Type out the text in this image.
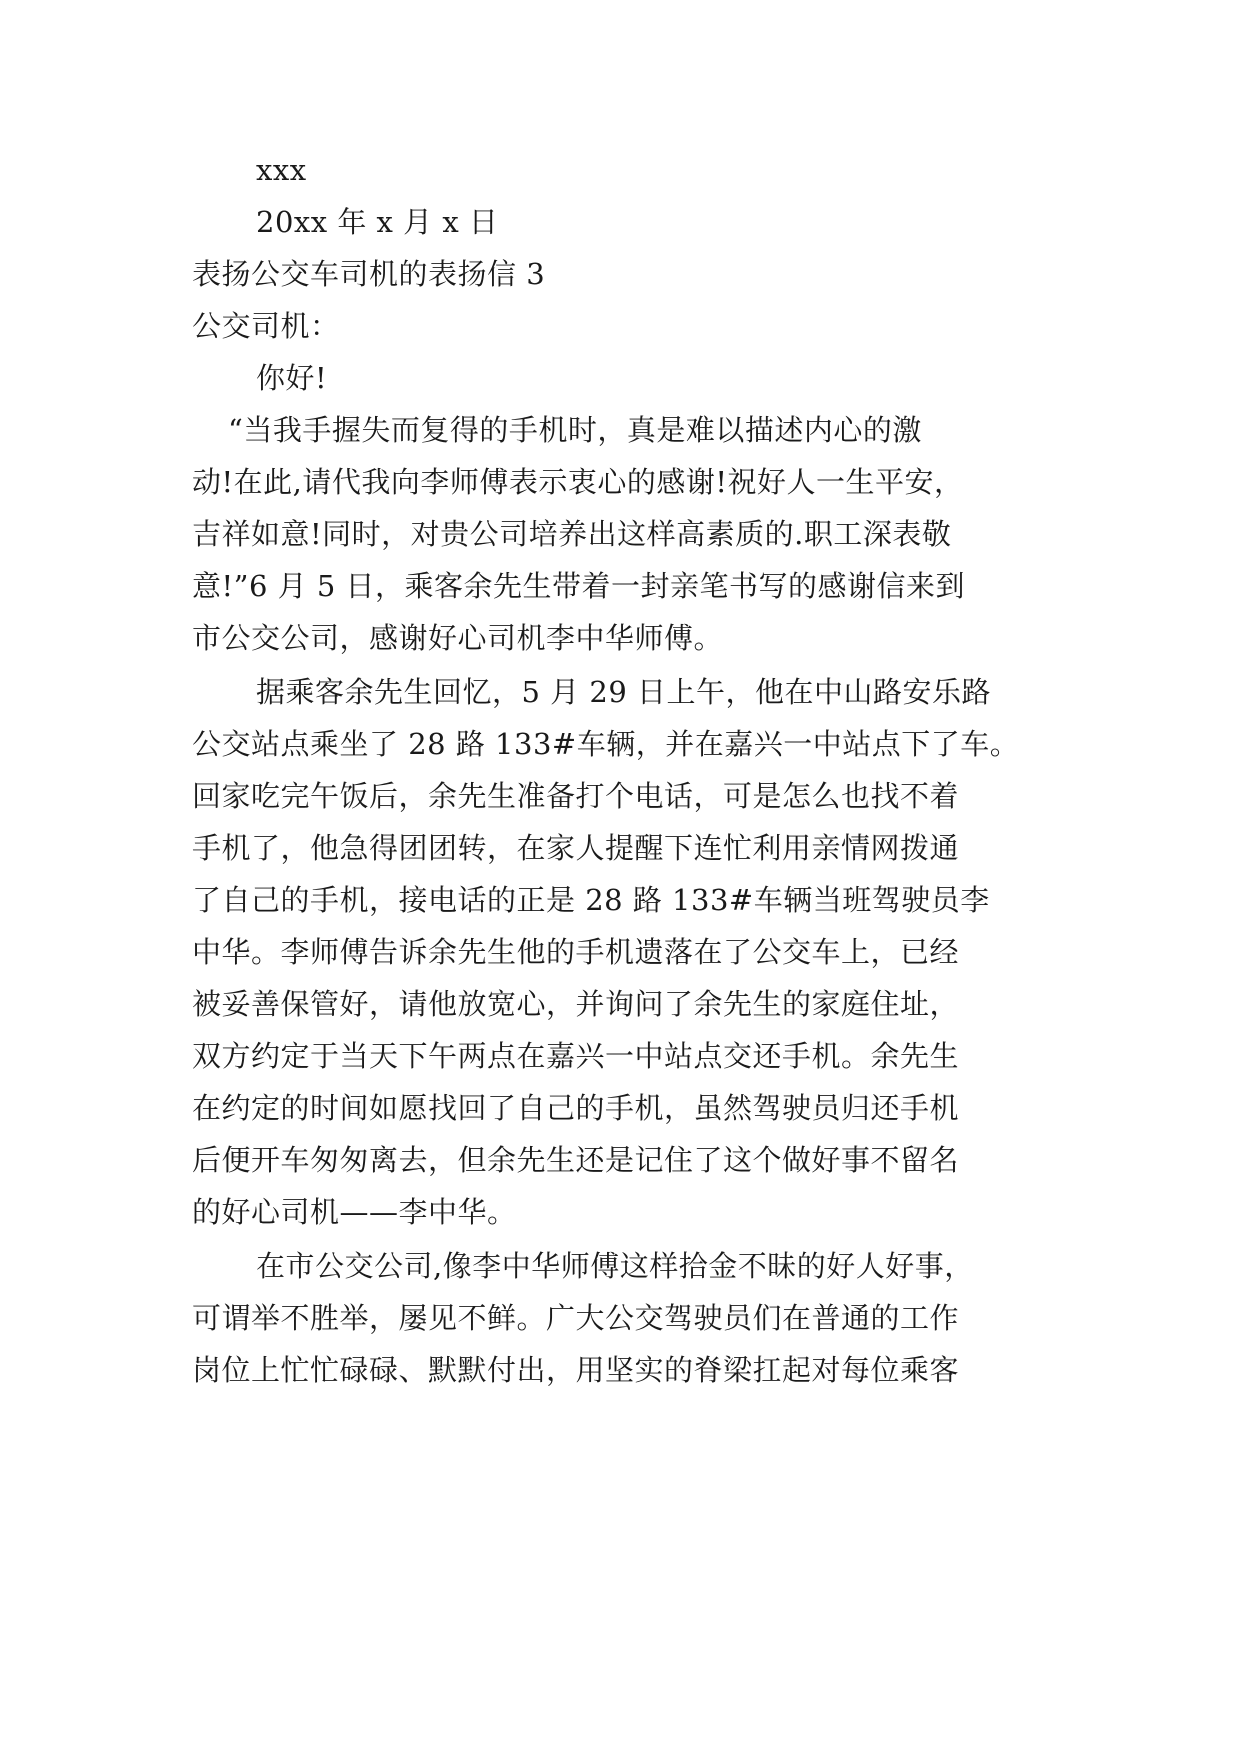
xxx
20xx 年 x 月 x 日
表扬公交车司机的表扬信 3
公交司机：
你好!
“当我手握失而复得的手机时，真是难以描述内心的激
动!在此,请代我向李师傅表示衷心的感谢!祝好人一生平安，
吉祥如意!同时，对贵公司培养出这样高素质的.职工深表敬
意!”6 月 5 日，乘客余先生带着一封亲笔书写的感谢信来到
市公交公司，感谢好心司机李中华师傅。
据乘客余先生回忆，5 月 29 日上午，他在中山路安乐路
公交站点乘坐了 28 路 133#车辆，并在嘉兴一中站点下了车。
回家吃完午饭后，余先生准备打个电话，可是怎么也找不着
手机了，他急得团团转，在家人提醒下连忙利用亲情网拨通
了自己的手机，接电话的正是 28 路 133#车辆当班驾驶员李
中华。李师傅告诉余先生他的手机遗落在了公交车上，已经
被妥善保管好，请他放宽心，并询问了余先生的家庭住址，
双方约定于当天下午两点在嘉兴一中站点交还手机。余先生
在约定的时间如愿找回了自己的手机，虽然驾驶员归还手机
后便开车匆匆离去，但余先生还是记住了这个做好事不留名
的好心司机——李中华。
在市公交公司,像李中华师傅这样拾金不昧的好人好事，
可谓举不胜举，屡见不鲜。广大公交驾驶员们在普通的工作
岗位上忙忙碌碌、默默付出，用坚实的脊梁扛起对每位乘客
